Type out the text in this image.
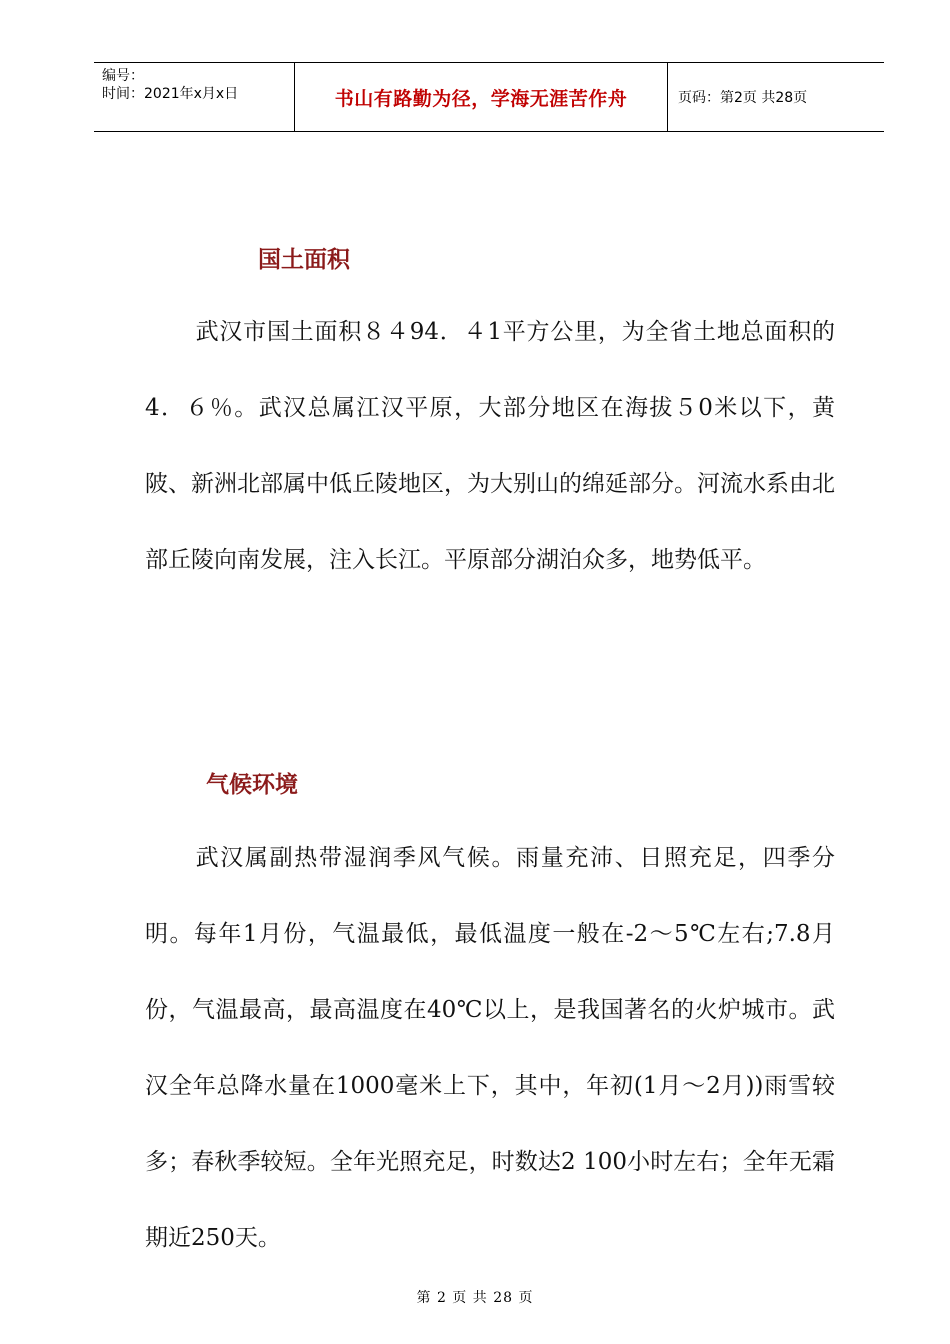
编号：
时间：2021年x月x日	书山有路勤为径，学海无涯苦作舟	页码：第2页 共28页
国土面积

武汉市国土面积８４94．４1平方公里，为全省土地总面积的4．６％。武汉总属江汉平原，大部分地区在海拔５0米以下，黄陂、新洲北部属中低丘陵地区，为大别山的绵延部分。河流水系由北部丘陵向南发展，注入长江。平原部分湖泊众多，地势低平。

气候环境

武汉属副热带湿润季风气候。雨量充沛、日照充足，四季分明。每年1月份，气温最低，最低温度一般在-2～5℃左右;7.8月份，气温最高，最高温度在40℃以上，是我国著名的火炉城市。武汉全年总降水量在1000毫米上下，其中，年初(1月～2月))雨雪较多；春秋季较短。全年光照充足，时数达2 100小时左右；全年无霜期近250天。

第 2 页 共 28 页
